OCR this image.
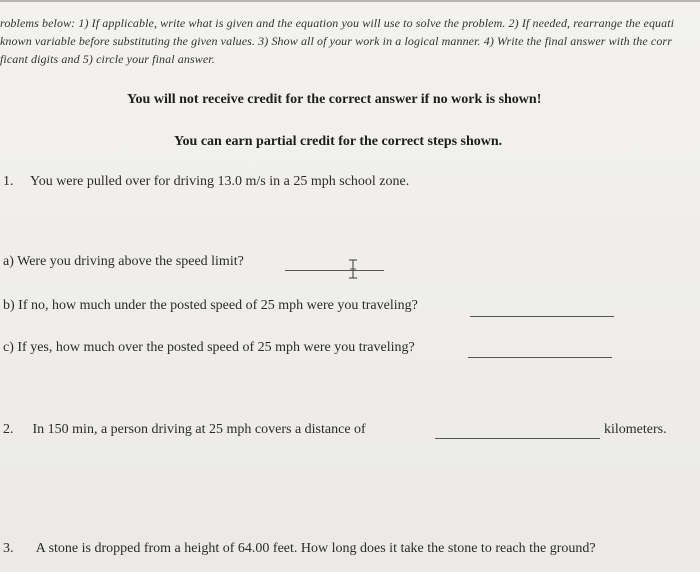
roblems below: 1) If applicable, write what is given and the equation you will use to solve the problem. 2) If needed, rearrange the equati
known variable before substituting the given values. 3) Show all of your work in a logical manner. 4) Write the final answer with the corr
ficant digits and 5) circle your final answer.
You will not receive credit for the correct answer if no work is shown!
You can earn partial credit for the correct steps shown.
1. You were pulled over for driving 13.0 m/s in a 25 mph school zone.
a) Were you driving above the speed limit?
b) If no, how much under the posted speed of 25 mph were you traveling?
c) If yes, how much over the posted speed of 25 mph were you traveling?
2. In 150 min, a person driving at 25 mph covers a distance of	kilometers.
3. A stone is dropped from a height of 64.00 feet. How long does it take the stone to reach the ground?
